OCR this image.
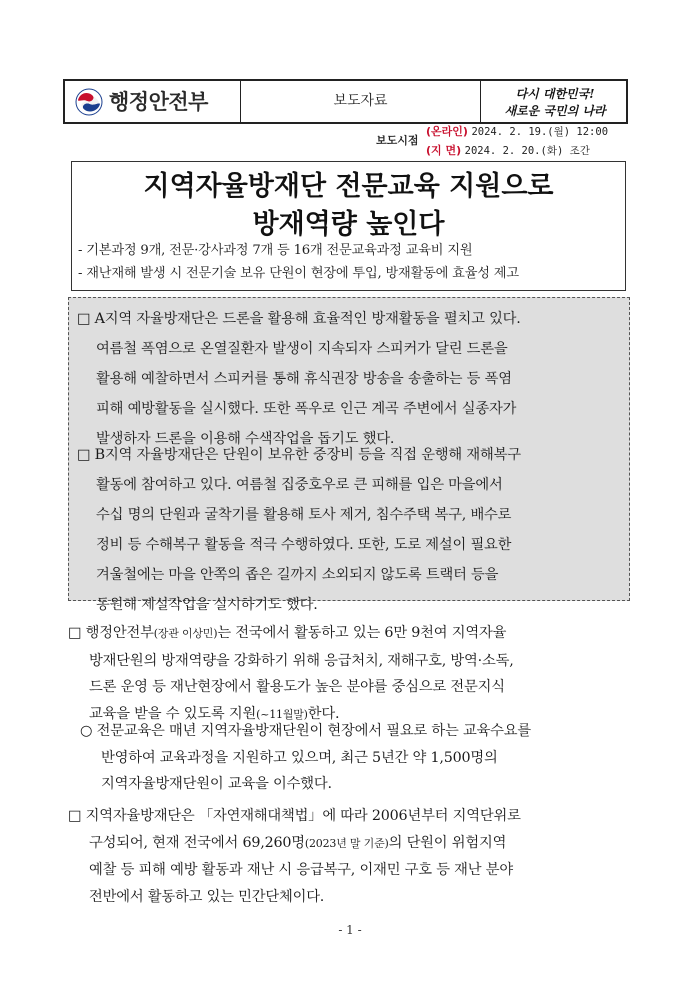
행정안전부	보도자료	다시 대한민국!
새로운 국민의 나라
보도시점
(온라인) 2024. 2. 19.(월) 12:00
(지 면) 2024. 2. 20.(화) 조간
지역자율방재단 전문교육 지원으로
방재역량 높인다
- 기본과정 9개, 전문·강사과정 7개 등 16개 전문교육과정 교육비 지원
- 재난재해 발생 시 전문기술 보유 단원이 현장에 투입, 방재활동에 효율성 제고
□ A지역 자율방재단은 드론을 활용해 효율적인 방재활동을 펼치고 있다.
여름철 폭염으로 온열질환자 발생이 지속되자 스피커가 달린 드론을
활용해 예찰하면서 스피커를 통해 휴식권장 방송을 송출하는 등 폭염
피해 예방활동을 실시했다. 또한 폭우로 인근 계곡 주변에서 실종자가
발생하자 드론을 이용해 수색작업을 돕기도 했다.
□ B지역 자율방재단은 단원이 보유한 중장비 등을 직접 운행해 재해복구
활동에 참여하고 있다. 여름철 집중호우로 큰 피해를 입은 마을에서
수십 명의 단원과 굴착기를 활용해 토사 제거, 침수주택 복구, 배수로
정비 등 수해복구 활동을 적극 수행하였다. 또한, 도로 제설이 필요한
겨울철에는 마을 안쪽의 좁은 길까지 소외되지 않도록 트랙터 등을
동원해 제설작업을 실시하기도 했다.
□ 행정안전부(장관 이상민)는 전국에서 활동하고 있는 6만 9천여 지역자율
방재단원의 방재역량을 강화하기 위해 응급처치, 재해구호, 방역·소독,
드론 운영 등 재난현장에서 활용도가 높은 분야를 중심으로 전문지식
교육을 받을 수 있도록 지원(~11월말)한다.
○ 전문교육은 매년 지역자율방재단원이 현장에서 필요로 하는 교육수요를
반영하여 교육과정을 지원하고 있으며, 최근 5년간 약 1,500명의
지역자율방재단원이 교육을 이수했다.
□ 지역자율방재단은 「자연재해대책법」에 따라 2006년부터 지역단위로
구성되어, 현재 전국에서 69,260명(2023년 말 기준)의 단원이 위험지역
예찰 등 피해 예방 활동과 재난 시 응급복구, 이재민 구호 등 재난 분야
전반에서 활동하고 있는 민간단체이다.
- 1 -
